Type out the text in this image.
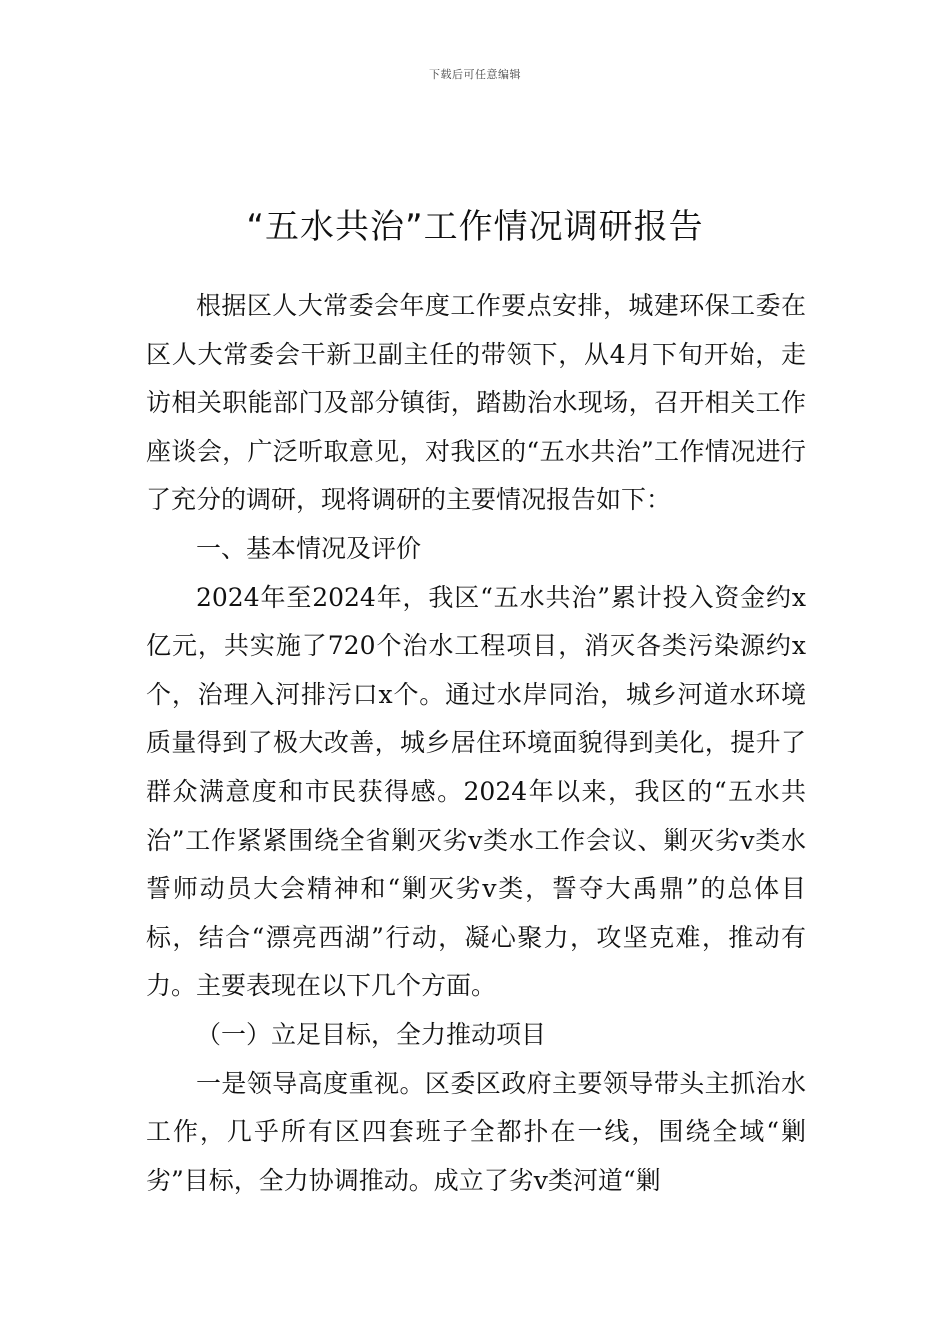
下载后可任意编辑
“五水共治”工作情况调研报告

根据区人大常委会年度工作要点安排，城建环保工委在区人大常委会干新卫副主任的带领下，从4月下旬开始，走访相关职能部门及部分镇街，踏勘治水现场，召开相关工作座谈会，广泛听取意见，对我区的“五水共治”工作情况进行了充分的调研，现将调研的主要情况报告如下：

一、基本情况及评价

2024年至2024年，我区“五水共治”累计投入资金约x亿元，共实施了720个治水工程项目，消灭各类污染源约x个，治理入河排污口x个。通过水岸同治，城乡河道水环境质量得到了极大改善，城乡居住环境面貌得到美化，提升了群众满意度和市民获得感。2024年以来，我区的“五水共治”工作紧紧围绕全省剿灭劣v类水工作会议、剿灭劣v类水誓师动员大会精神和“剿灭劣v类，誓夺大禹鼎”的总体目标，结合“漂亮西湖”行动，凝心聚力，攻坚克难，推动有力。主要表现在以下几个方面。

（一）立足目标，全力推动项目

一是领导高度重视。区委区政府主要领导带头主抓治水工作，几乎所有区四套班子全都扑在一线，围绕全域“剿劣”目标，全力协调推动。成立了劣v类河道“剿
